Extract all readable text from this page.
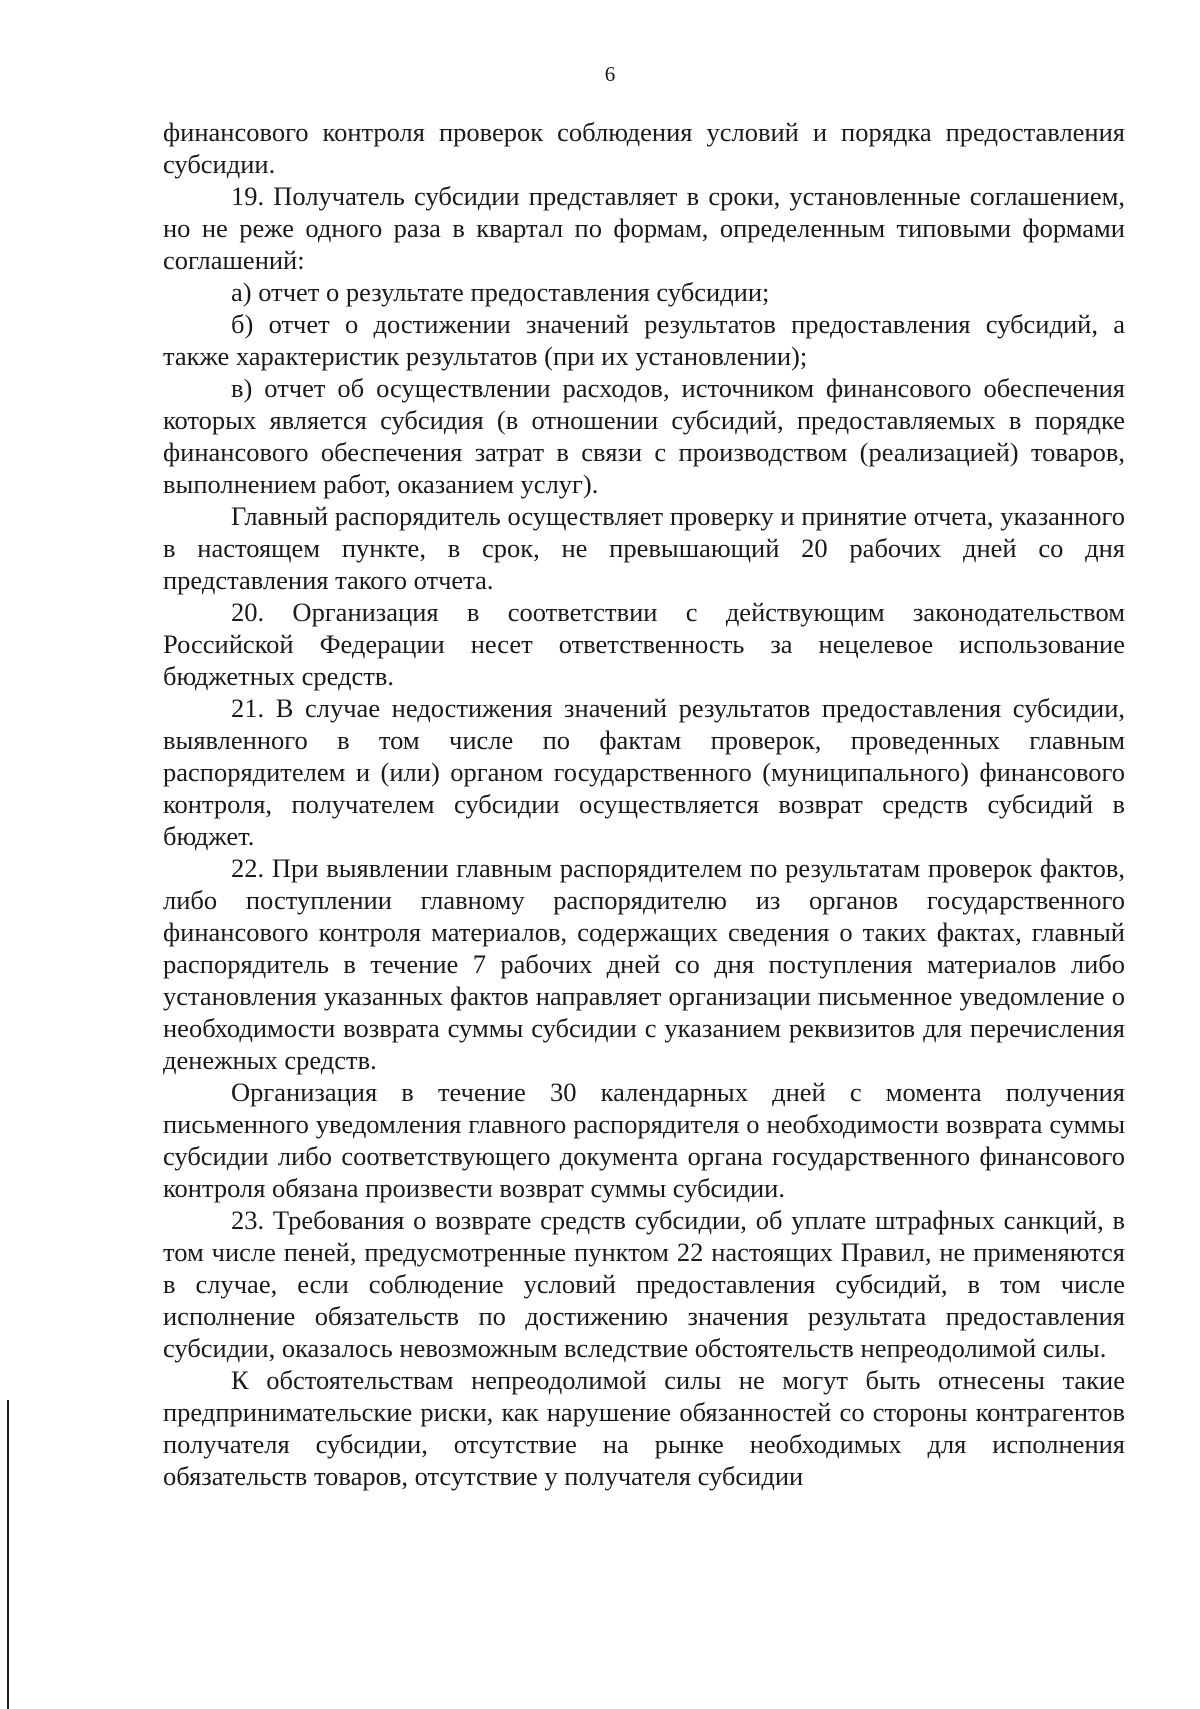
6

финансового контроля проверок соблюдения условий и порядка предоставления субсидии.

19. Получатель субсидии представляет в сроки, установленные соглашением, но не реже одного раза в квартал по формам, определенным типовыми формами соглашений:

а) отчет о результате предоставления субсидии;

б) отчет о достижении значений результатов предоставления субсидий, а также характеристик результатов (при их установлении);

в) отчет об осуществлении расходов, источником финансового обеспечения которых является субсидия (в отношении субсидий, предоставляемых в порядке финансового обеспечения затрат в связи с производством (реализацией) товаров, выполнением работ, оказанием услуг).

Главный распорядитель осуществляет проверку и принятие отчета, указанного в настоящем пункте, в срок, не превышающий 20 рабочих дней со дня представления такого отчета.

20. Организация в соответствии с действующим законодательством Российской Федерации несет ответственность за нецелевое использование бюджетных средств.

21. В случае недостижения значений результатов предоставления субсидии, выявленного в том числе по фактам проверок, проведенных главным распорядителем и (или) органом государственного (муниципального) финансового контроля, получателем субсидии осуществляется возврат средств субсидий в бюджет.

22. При выявлении главным распорядителем по результатам проверок фактов, либо поступлении главному распорядителю из органов государственного финансового контроля материалов, содержащих сведения о таких фактах, главный распорядитель в течение 7 рабочих дней со дня поступления материалов либо установления указанных фактов направляет организации письменное уведомление о необходимости возврата суммы субсидии с указанием реквизитов для перечисления денежных средств.

Организация в течение 30 календарных дней с момента получения письменного уведомления главного распорядителя о необходимости возврата суммы субсидии либо соответствующего документа органа государственного финансового контроля обязана произвести возврат суммы субсидии.

23. Требования о возврате средств субсидии, об уплате штрафных санкций, в том числе пеней, предусмотренные пунктом 22 настоящих Правил, не применяются в случае, если соблюдение условий предоставления субсидий, в том числе исполнение обязательств по достижению значения результата предоставления субсидии, оказалось невозможным вследствие обстоятельств непреодолимой силы.

К обстоятельствам непреодолимой силы не могут быть отнесены такие предпринимательские риски, как нарушение обязанностей со стороны контрагентов получателя субсидии, отсутствие на рынке необходимых для исполнения обязательств товаров, отсутствие у получателя субсидии
